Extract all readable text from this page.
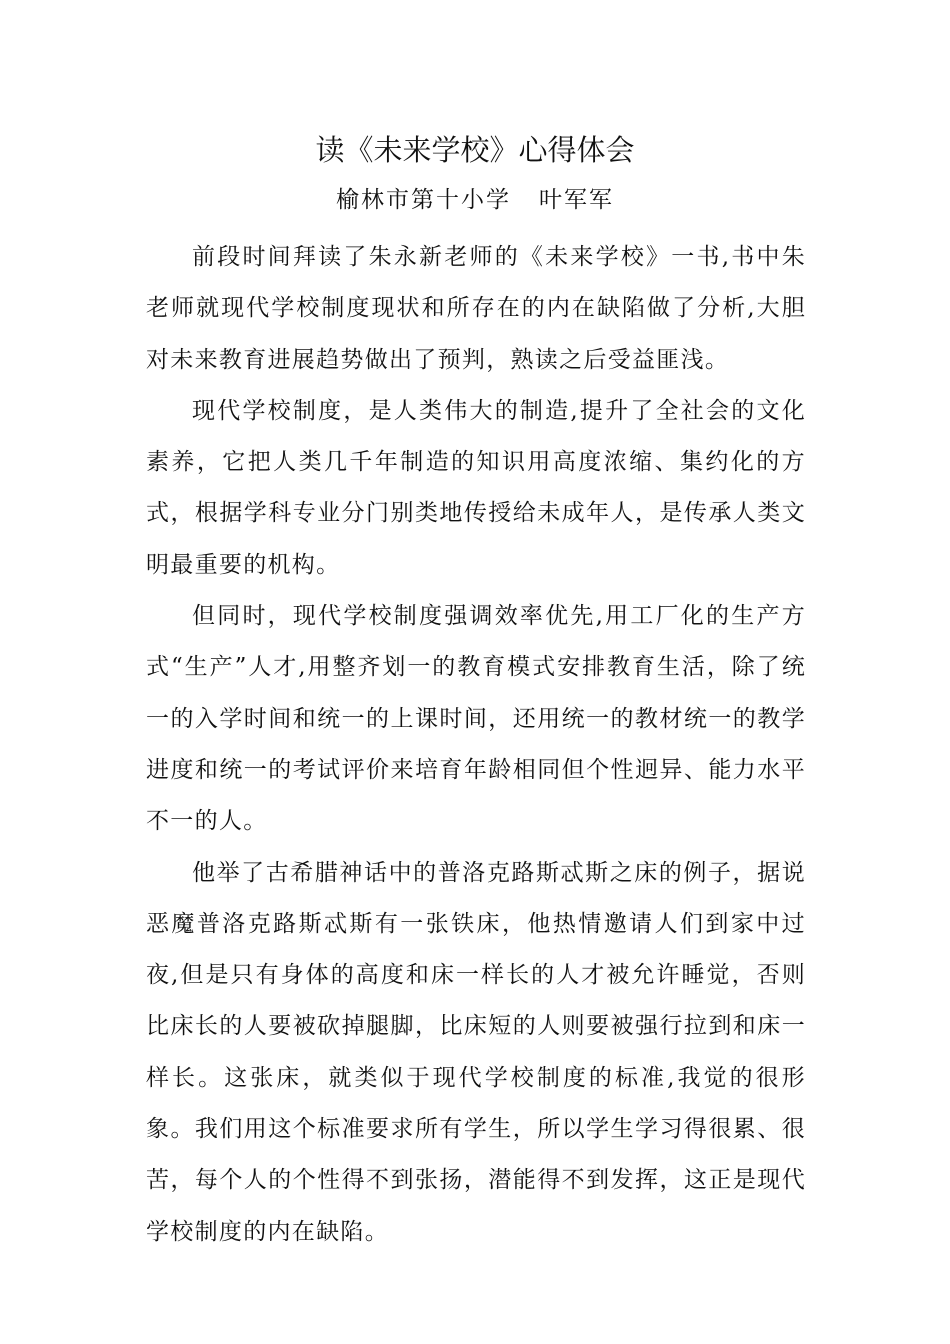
读《未来学校》心得体会
榆林市第十小学   叶军军

前段时间拜读了朱永新老师的《未来学校》一书,书中朱老师就现代学校制度现状和所存在的内在缺陷做了分析,大胆对未来教育进展趋势做出了预判，熟读之后受益匪浅。

现代学校制度，是人类伟大的制造,提升了全社会的文化素养，它把人类几千年制造的知识用高度浓缩、集约化的方式，根据学科专业分门别类地传授给未成年人，是传承人类文明最重要的机构。

但同时，现代学校制度强调效率优先,用工厂化的生产方式“生产”人才,用整齐划一的教育模式安排教育生活，除了统一的入学时间和统一的上课时间，还用统一的教材统一的教学进度和统一的考试评价来培育年龄相同但个性迥异、能力水平不一的人。

他举了古希腊神话中的普洛克路斯忒斯之床的例子，据说恶魔普洛克路斯忒斯有一张铁床，他热情邀请人们到家中过夜,但是只有身体的高度和床一样长的人才被允许睡觉，否则比床长的人要被砍掉腿脚，比床短的人则要被强行拉到和床一样长。这张床，就类似于现代学校制度的标准,我觉的很形象。我们用这个标准要求所有学生，所以学生学习得很累、很苦，每个人的个性得不到张扬，潜能得不到发挥，这正是现代学校制度的内在缺陷。
